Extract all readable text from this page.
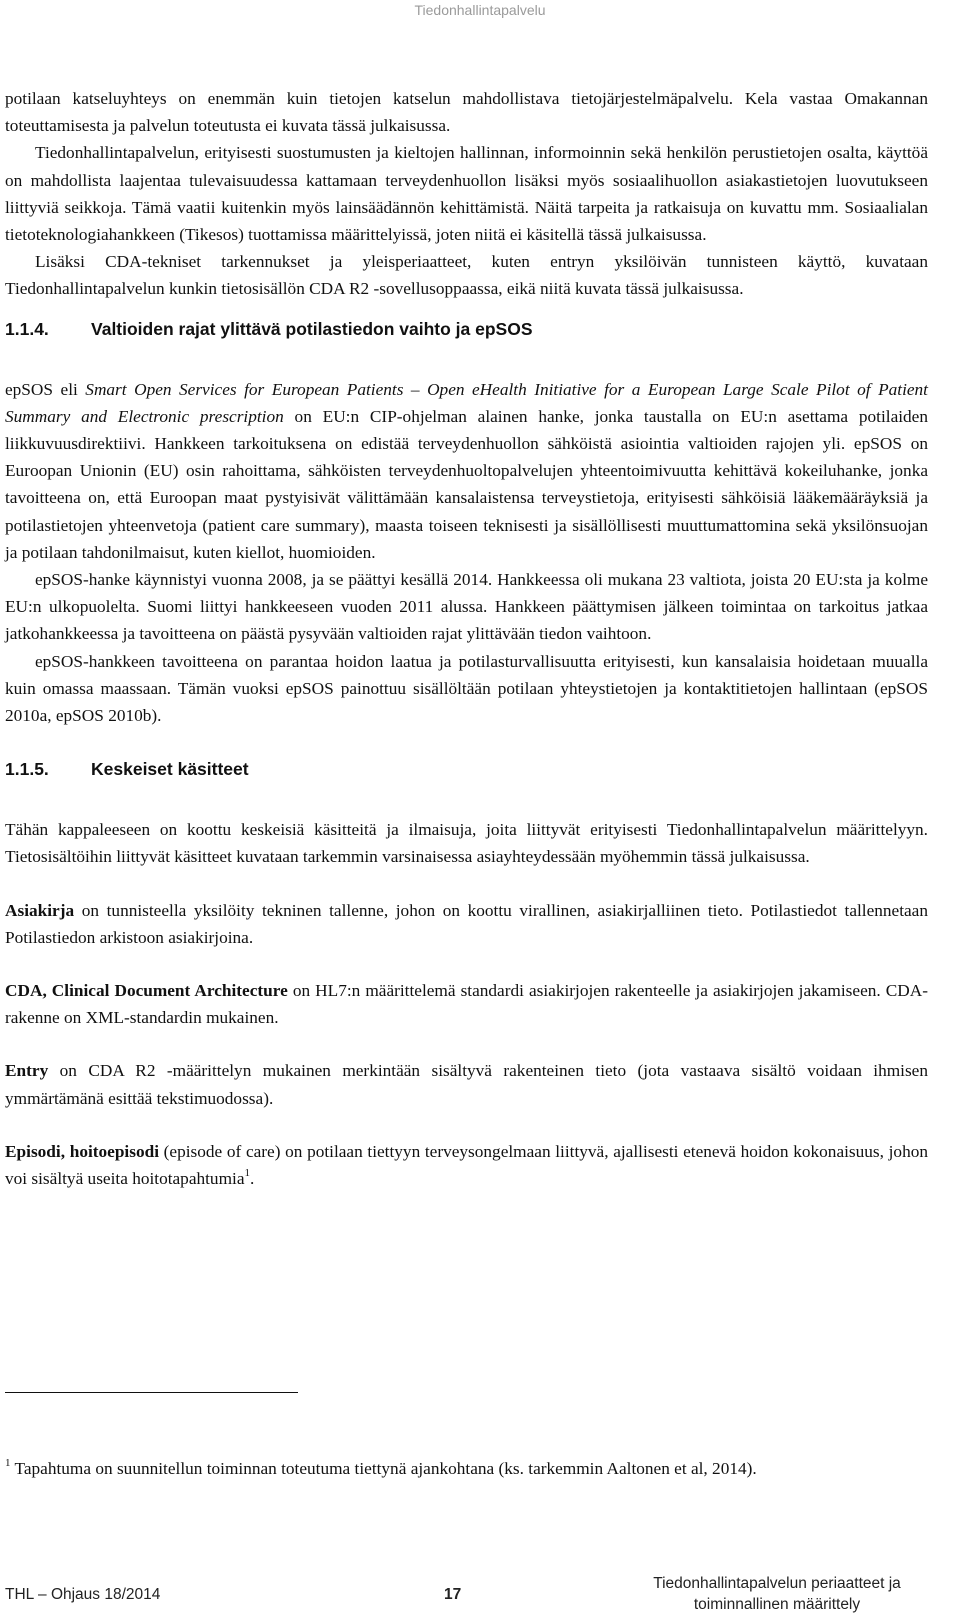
Tiedonhallintapalvelu

potilaan katseluyhteys on enemmän kuin tietojen katselun mahdollistava tietojärjestelmäpalvelu. Kela vastaa Omakannan toteuttamisesta ja palvelun toteutusta ei kuvata tässä julkaisussa.

Tiedonhallintapalvelun, erityisesti suostumusten ja kieltojen hallinnan, informoinnin sekä henkilön perustietojen osalta, käyttöä on mahdollista laajentaa tulevaisuudessa kattamaan terveydenhuollon lisäksi myös sosiaalihuollon asiakastietojen luovutukseen liittyviä seikkoja. Tämä vaatii kuitenkin myös lainsäädännön kehittämistä. Näitä tarpeita ja ratkaisuja on kuvattu mm. Sosiaalialan tietoteknologiahankkeen (Tikesos) tuottamissa määrittelyissä, joten niitä ei käsitellä tässä julkaisussa.

Lisäksi CDA-tekniset tarkennukset ja yleisperiaatteet, kuten entryn yksilöivän tunnisteen käyttö, kuvataan Tiedonhallintapalvelun kunkin tietosisällön CDA R2 -sovellusoppaassa, eikä niitä kuvata tässä julkaisussa.

1.1.4. Valtioiden rajat ylittävä potilastiedon vaihto ja epSOS

epSOS eli Smart Open Services for European Patients – Open eHealth Initiative for a European Large Scale Pilot of Patient Summary and Electronic prescription on EU:n CIP-ohjelman alainen hanke, jonka taustalla on EU:n asettama potilaiden liikkuvuusdirektiivi. Hankkeen tarkoituksena on edistää terveydenhuollon sähköistä asiointia valtioiden rajojen yli. epSOS on Euroopan Unionin (EU) osin rahoittama, sähköisten terveydenhuoltopalvelujen yhteentoimivuutta kehittävä kokeiluhanke, jonka tavoitteena on, että Euroopan maat pystyisivät välittämään kansalaistensa terveystietoja, erityisesti sähköisiä lääkemääräyksiä ja potilastietojen yhteenvetoja (patient care summary), maasta toiseen teknisesti ja sisällöllisesti muuttumattomina sekä yksilönsuojan ja potilaan tahdonilmaisut, kuten kiellot, huomioiden.

epSOS-hanke käynnistyi vuonna 2008, ja se päättyi kesällä 2014. Hankkeessa oli mukana 23 valtiota, joista 20 EU:sta ja kolme EU:n ulkopuolelta. Suomi liittyi hankkeeseen vuoden 2011 alussa. Hankkeen päättymisen jälkeen toimintaa on tarkoitus jatkaa jatkohankkeessa ja tavoitteena on päästä pysyvään valtioiden rajat ylittävään tiedon vaihtoon.

epSOS-hankkeen tavoitteena on parantaa hoidon laatua ja potilasturvallisuutta erityisesti, kun kansalaisia hoidetaan muualla kuin omassa maassaan. Tämän vuoksi epSOS painottuu sisällöltään potilaan yhteystietojen ja kontaktitietojen hallintaan (epSOS 2010a, epSOS 2010b).

1.1.5. Keskeiset käsitteet

Tähän kappaleeseen on koottu keskeisiä käsitteitä ja ilmaisuja, joita liittyvät erityisesti Tiedonhallintapalvelun määrittelyyn. Tietosisältöihin liittyvät käsitteet kuvataan tarkemmin varsinaisessa asiayhteydessään myöhemmin tässä julkaisussa.

Asiakirja on tunnisteella yksilöity tekninen tallenne, johon on koottu virallinen, asiakirjalliinen tieto. Potilastiedot tallennetaan Potilastiedon arkistoon asiakirjoina.

CDA, Clinical Document Architecture on HL7:n määrittelemä standardi asiakirjojen rakenteelle ja asiakirjojen jakamiseen. CDA-rakenne on XML-standardin mukainen.

Entry on CDA R2 -määrittelyn mukainen merkintään sisältyvä rakenteinen tieto (jota vastaava sisältö voidaan ihmisen ymmärtämänä esittää tekstimuodossa).

Episodi, hoitoepisodi (episode of care) on potilaan tiettyyn terveysongelmaan liittyvä, ajallisesti etenevä hoidon kokonaisuus, johon voi sisältyä useita hoitotapahtumia$^1$.

$^1$ Tapahtuma on suunnitellun toiminnan toteutuma tiettynä ajankohtana (ks. tarkemmin Aaltonen et al, 2014).
THL – Ohjaus 18/2014	17
Tiedonhallintapalvelun periaatteet ja
toiminnallinen määrittely
